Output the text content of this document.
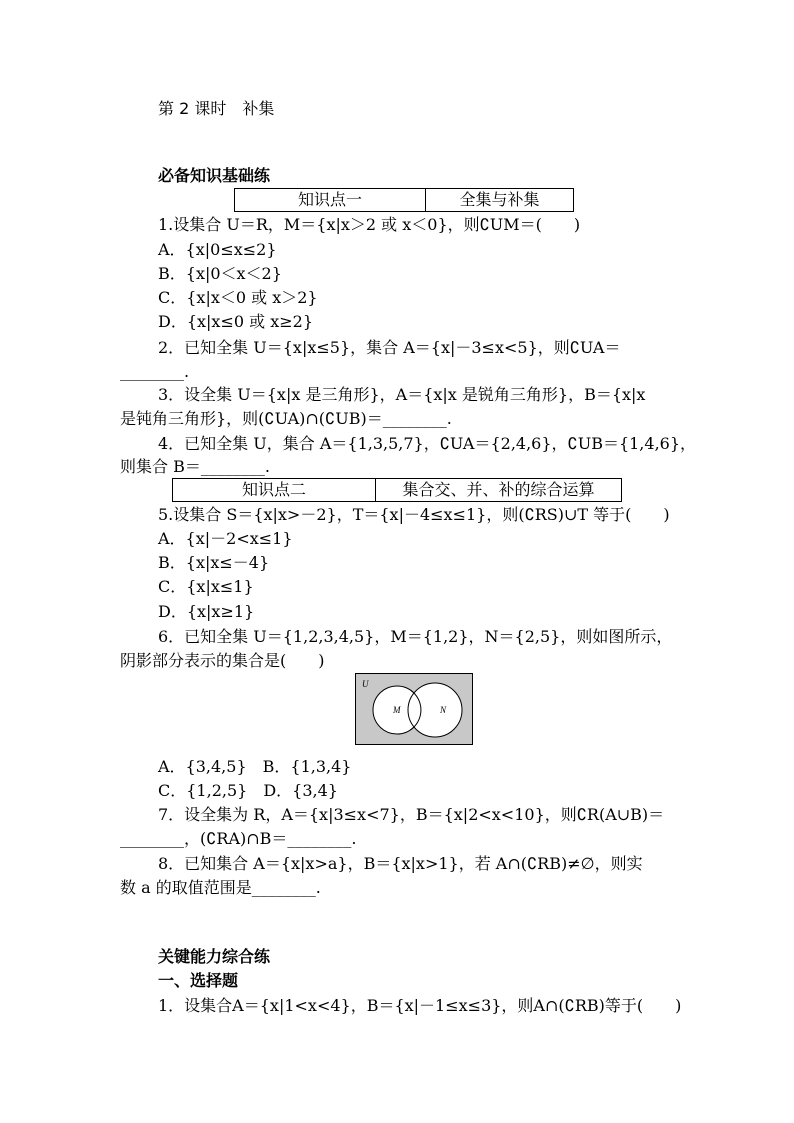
第 2 课时　补集
必备知识基础练
知识点一	全集与补集
1.设集合 U＝R，M＝{x|x＞2 或 x＜0}，则∁UM＝(　　)
A．{x|0≤x≤2}
B．{x|0＜x＜2}
C．{x|x＜0 或 x＞2}
D．{x|x≤0 或 x≥2}
2．已知全集 U＝{x|x≤5}，集合 A＝{x|－3≤x<5}，则∁UA＝
________.
3．设全集 U＝{x|x 是三角形}，A＝{x|x 是锐角三角形}，B＝{x|x
是钝角三角形}，则(∁UA)∩(∁UB)＝________.
4．已知全集 U，集合 A＝{1,3,5,7}，∁UA＝{2,4,6}，∁UB＝{1,4,6}，
则集合 B＝________.
知识点二	集合交、并、补的综合运算
5.设集合 S＝{x|x>－2}，T＝{x|－4≤x≤1}，则(∁RS)∪T 等于(　　)
A．{x|－2<x≤1}
B．{x|x≤－4}
C．{x|x≤1}
D．{x|x≥1}
6．已知全集 U＝{1,2,3,4,5}，M＝{1,2}，N＝{2,5}，则如图所示，
阴影部分表示的集合是(　　)
U
M	N
A．{3,4,5}　B．{1,3,4}
C．{1,2,5}　D．{3,4}
7．设全集为 R，A＝{x|3≤x<7}，B＝{x|2<x<10}，则∁R(A∪B)＝
________，(∁RA)∩B＝________.
8．已知集合 A＝{x|x>a}，B＝{x|x>1}，若 A∩(∁RB)≠∅，则实
数 a 的取值范围是________.
关键能力综合练
一、选择题
1．设集合A＝{x|1<x<4}，B＝{x|－1≤x≤3}，则A∩(∁RB)等于(　　)
